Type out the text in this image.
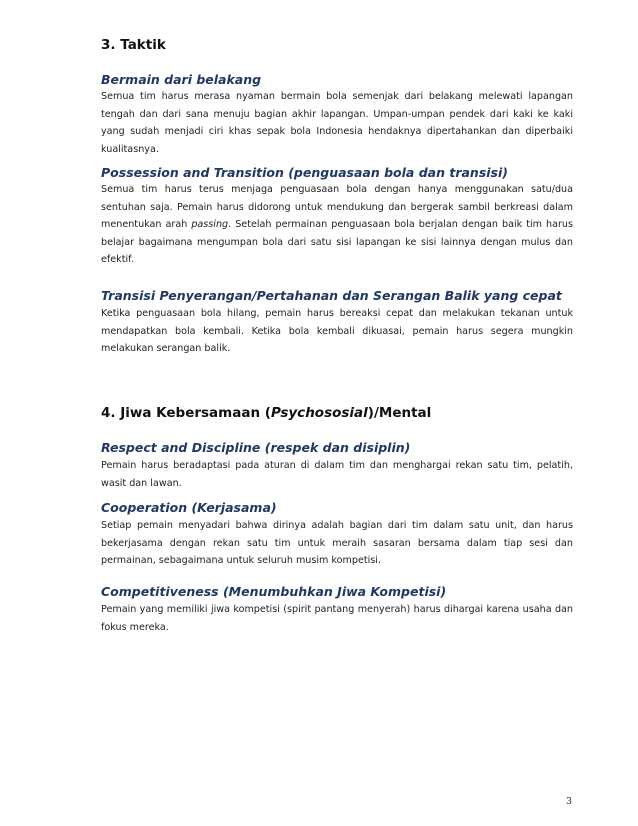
3. Taktik
Bermain dari belakang

Semua tim harus merasa nyaman bermain bola semenjak dari belakang melewati lapangan tengah dan dari sana menuju bagian akhir lapangan. Umpan-umpan pendek dari kaki ke kaki yang sudah menjadi ciri khas sepak bola Indonesia hendaknya dipertahankan dan diperbaiki kualitasnya.

Possession and Transition (penguasaan bola dan transisi)

Semua tim harus terus menjaga penguasaan bola dengan hanya menggunakan satu/dua sentuhan saja. Pemain harus didorong untuk mendukung dan bergerak sambil berkreasi dalam menentukan arah passing. Setelah permainan penguasaan bola berjalan dengan baik tim harus belajar bagaimana mengumpan bola dari satu sisi lapangan ke sisi lainnya dengan mulus dan efektif.

Transisi Penyerangan/Pertahanan dan Serangan Balik yang cepat

Ketika penguasaan bola hilang, pemain harus bereaksi cepat dan melakukan tekanan untuk mendapatkan bola kembali. Ketika bola kembali dikuasai, pemain harus segera mungkin melakukan serangan balik.

4. Jiwa Kebersamaan (Psychososial)/Mental
Respect and Discipline (respek dan disiplin)

Pemain harus beradaptasi pada aturan di dalam tim dan menghargai rekan satu tim, pelatih, wasit dan lawan.

Cooperation (Kerjasama)

Setiap pemain menyadari bahwa dirinya adalah bagian dari tim dalam satu unit, dan harus bekerjasama dengan rekan satu tim untuk meraih sasaran bersama dalam tiap sesi dan permainan, sebagaimana untuk seluruh musim kompetisi.

Competitiveness (Menumbuhkan Jiwa Kompetisi)

Pemain yang memiliki jiwa kompetisi (spirit pantang menyerah) harus dihargai karena usaha dan fokus mereka.

3
